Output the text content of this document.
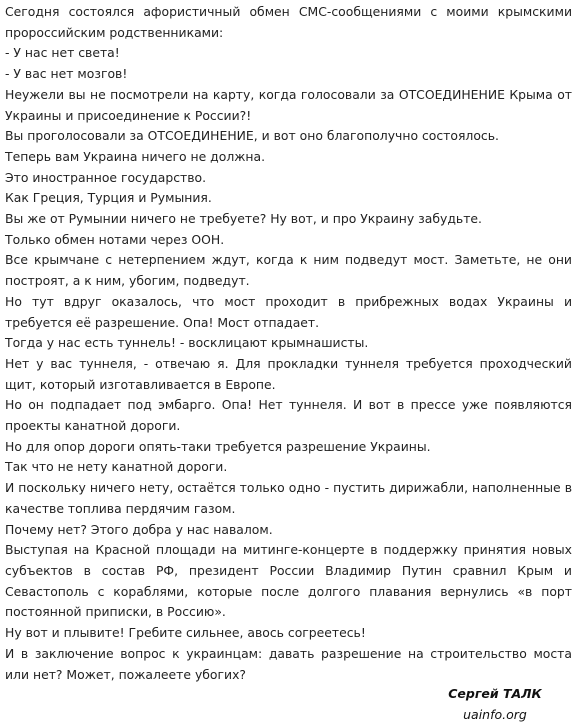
Сегодня состоялся афористичный обмен СМС-сообщениями с моими крымскими пророссийским родственниками:

- У нас нет света!

- У вас нет мозгов!

Неужели вы не посмотрели на карту, когда голосовали за ОТСОЕДИНЕНИЕ Крыма от Украины и присоединение к России?!

Вы проголосовали за ОТСОЕДИНЕНИЕ, и вот оно благополучно состоялось.

Теперь вам Украина ничего не должна.

Это иностранное государство.

Как Греция, Турция и Румыния.

Вы же от Румынии ничего не требуете? Ну вот, и про Украину забудьте.

Только обмен нотами через ООН.

Все крымчане с нетерпением ждут, когда к ним подведут мост. Заметьте, не они построят, а к ним, убогим, подведут.

Но тут вдруг оказалось, что мост проходит в прибрежных водах Украины и требуется её разрешение. Опа! Мост отпадает.

Тогда у нас есть туннель! - восклицают крымнашисты.

Нет у вас туннеля, - отвечаю я. Для прокладки туннеля требуется проходческий щит, который изготавливается в Европе.

Но он подпадает под эмбарго. Опа! Нет туннеля. И вот в прессе уже появляются проекты канатной дороги.

Но для опор дороги опять-таки требуется разрешение Украины.

Так что не нету канатной дороги.

И поскольку ничего нету, остаётся только одно - пустить дирижабли, наполненные в качестве топлива пердячим газом.

Почему нет? Этого добра у нас навалом.

Выступая на Красной площади на митинге-концерте в поддержку принятия новых субъектов в состав РФ, президент России Владимир Путин сравнил Крым и Севастополь с кораблями, которые после долгого плавания вернулись «в порт постоянной приписки, в Россию».

Ну вот и плывите! Гребите сильнее, авось согреетесь!

И в заключение вопрос к украинцам: давать разрешение на строительство моста или нет? Может, пожалеете убогих?

Сергей ТАЛК

uainfo.org
